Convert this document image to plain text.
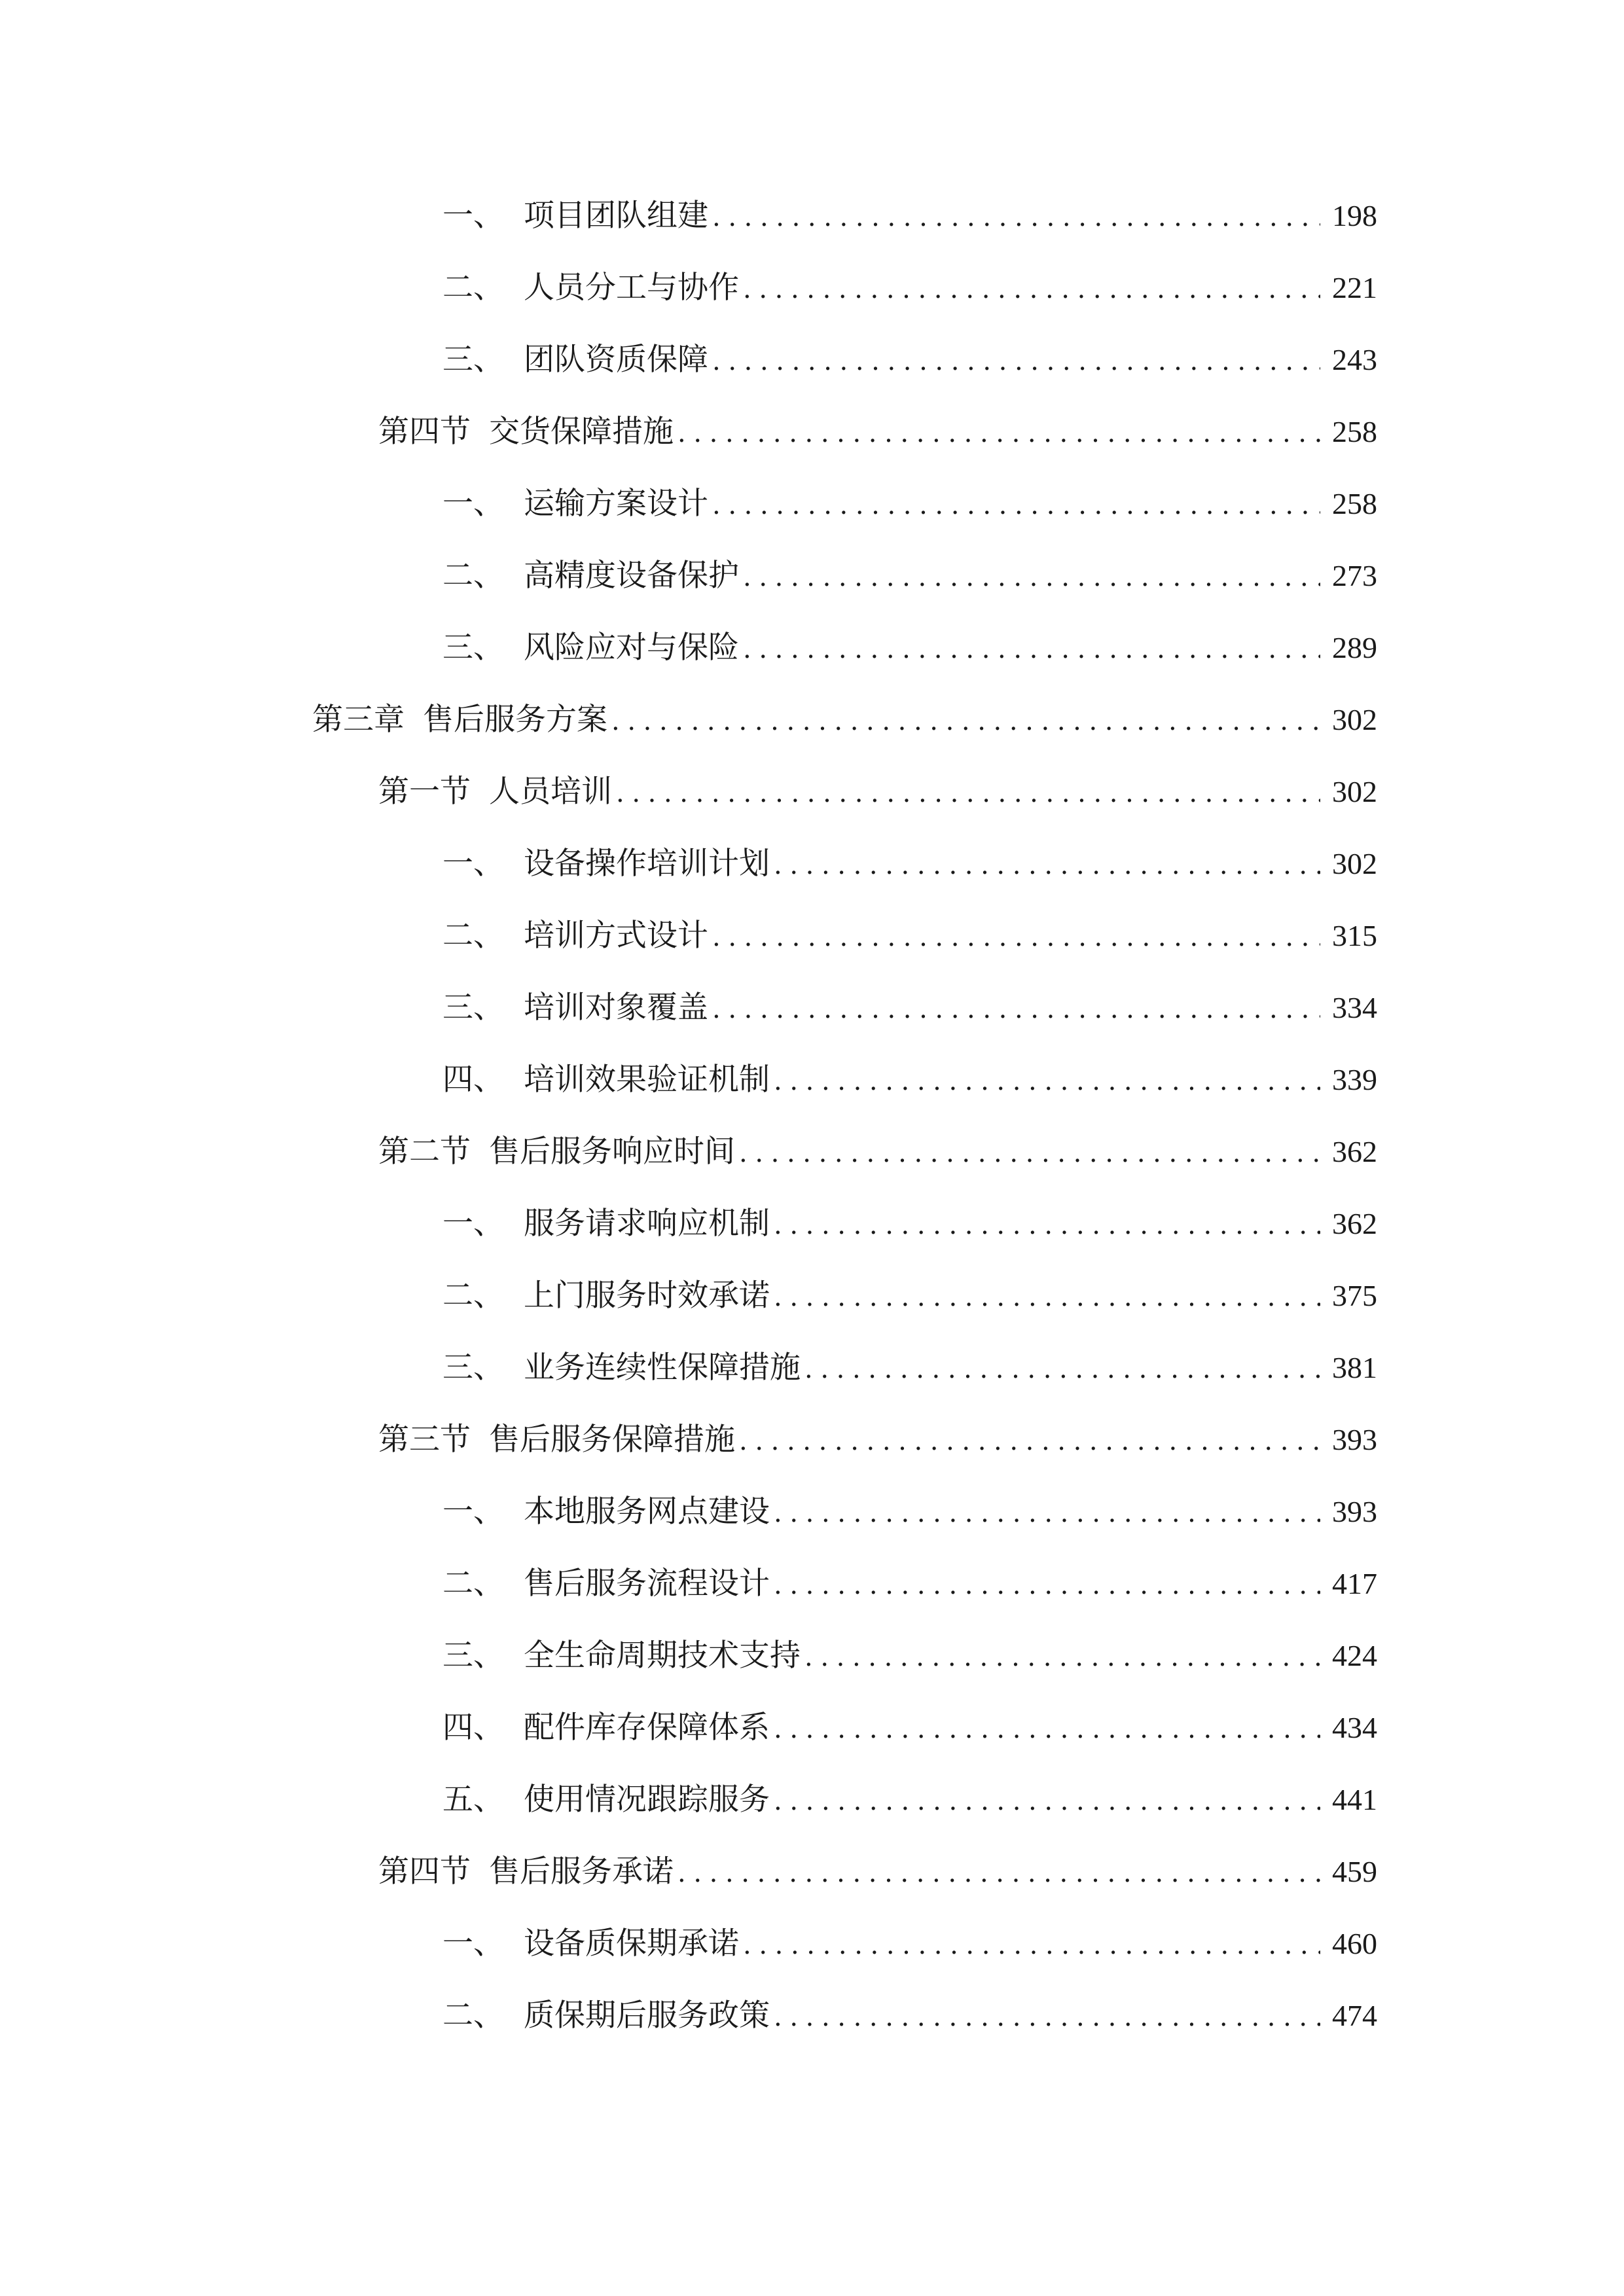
一、 项目团队组建 .....	198
二、 人员分工与协作 .....	221
三、 团队资质保障 .....	243
第四节 交货保障措施 .....	258
一、 运输方案设计 .....	258
二、 高精度设备保护 .....	273
三、 风险应对与保险 .....	289
第三章 售后服务方案 .....	302
第一节 人员培训 .....	302
一、 设备操作培训计划 .....	302
二、 培训方式设计 .....	315
三、 培训对象覆盖 .....	334
四、 培训效果验证机制 .....	339
第二节 售后服务响应时间 .....	362
一、 服务请求响应机制 .....	362
二、 上门服务时效承诺 .....	375
三、 业务连续性保障措施 .....	381
第三节 售后服务保障措施 .....	393
一、 本地服务网点建设 .....	393
二、 售后服务流程设计 .....	417
三、 全生命周期技术支持 .....	424
四、 配件库存保障体系 .....	434
五、 使用情况跟踪服务 .....	441
第四节 售后服务承诺 .....	459
一、 设备质保期承诺 .....	460
二、 质保期后服务政策 .....	474
